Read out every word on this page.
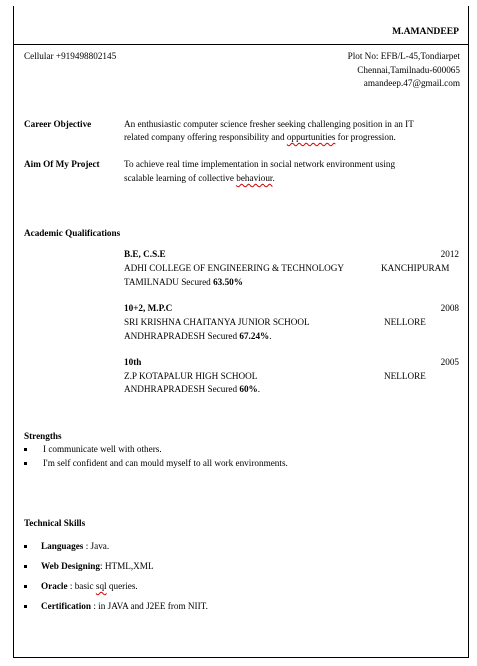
M.AMANDEEP
Cellular +919498802145	Plot No: EFB/L-45,Tondiarpet
Chennai,Tamilnadu-600065
amandeep.47@gmail.com
Career Objective	An enthusiastic computer science fresher seeking challenging position in an IT
related company offering responsibility and oppurtunities for progression.
Aim Of My Project	To achieve real time implementation in social network environment using
scalable learning of collective behaviour.
Academic Qualifications
B.E, C.S.E	2012
ADHI COLLEGE OF ENGINEERING & TECHNOLOGY	KANCHIPURAM
TAMILNADU Secured 63.50%
10+2, M.P.C	2008
SRI KRISHNA CHAITANYA JUNIOR SCHOOL	NELLORE
ANDHRAPRADESH Secured 67.24%.
10th	2005
Z.P KOTAPALUR HIGH SCHOOL	NELLORE
ANDHRAPRADESH Secured 60%.
Strengths
I communicate well with others.
I'm self confident and can mould myself to all work environments.
Technical Skills
Languages : Java.
Web Designing: HTML,XML
Oracle : basic sql queries.
Certification : in JAVA and J2EE from NIIT.
